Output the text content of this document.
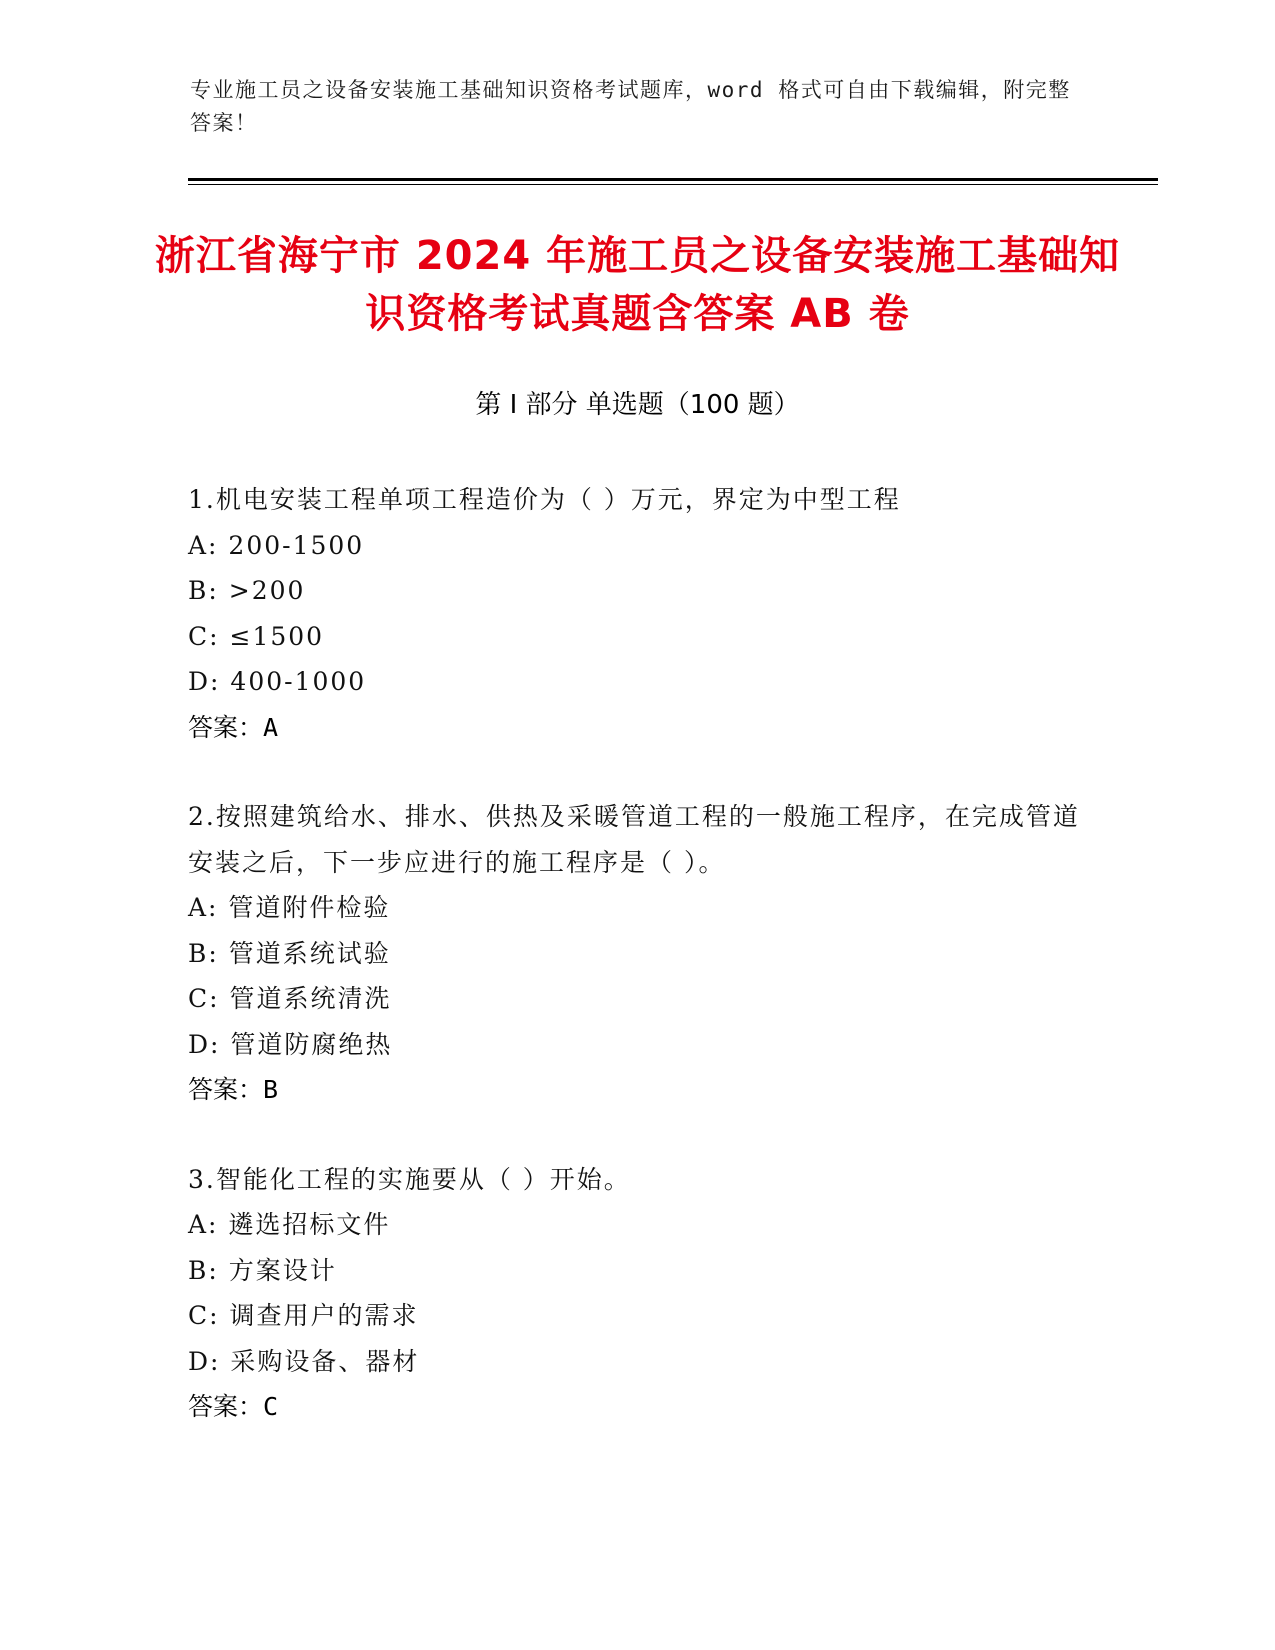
专业施工员之设备安装施工基础知识资格考试题库，word 格式可自由下载编辑，附完整答案！
浙江省海宁市 2024 年施工员之设备安装施工基础知识资格考试真题含答案 AB 卷
第 I 部分 单选题（100 题）
1.机电安装工程单项工程造价为（ ）万元，界定为中型工程
A: 200-1500
B: >200
C: ≤1500
D: 400-1000
答案：A
2.按照建筑给水、排水、供热及采暖管道工程的一般施工程序，在完成管道安装之后，下一步应进行的施工程序是（ ）。
A: 管道附件检验
B: 管道系统试验
C: 管道系统清洗
D: 管道防腐绝热
答案：B
3.智能化工程的实施要从（ ）开始。
A: 遴选招标文件
B: 方案设计
C: 调查用户的需求
D: 采购设备、器材
答案：C
